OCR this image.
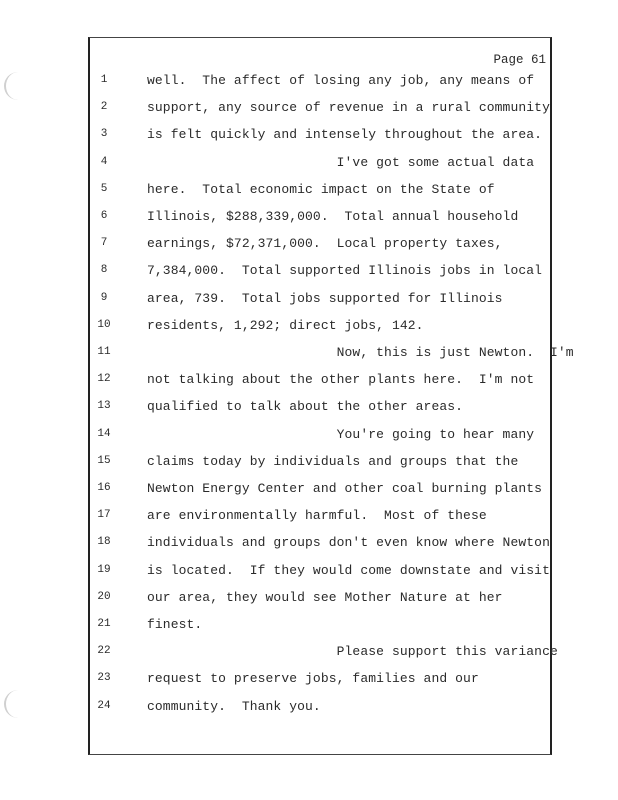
Page 61
1	well.  The affect of losing any job, any means of
2	support, any source of revenue in a rural community
3	is felt quickly and intensely throughout the area.
4	I've got some actual data
5	here.  Total economic impact on the State of
6	Illinois, $288,339,000.  Total annual household
7	earnings, $72,371,000.  Local property taxes,
8	7,384,000.  Total supported Illinois jobs in local
9	area, 739.  Total jobs supported for Illinois
10	residents, 1,292; direct jobs, 142.
11	Now, this is just Newton.  I'm
12	not talking about the other plants here.  I'm not
13	qualified to talk about the other areas.
14	You're going to hear many
15	claims today by individuals and groups that the
16	Newton Energy Center and other coal burning plants
17	are environmentally harmful.  Most of these
18	individuals and groups don't even know where Newton
19	is located.  If they would come downstate and visit
20	our area, they would see Mother Nature at her
21	finest.
22	Please support this variance
23	request to preserve jobs, families and our
24	community.  Thank you.
